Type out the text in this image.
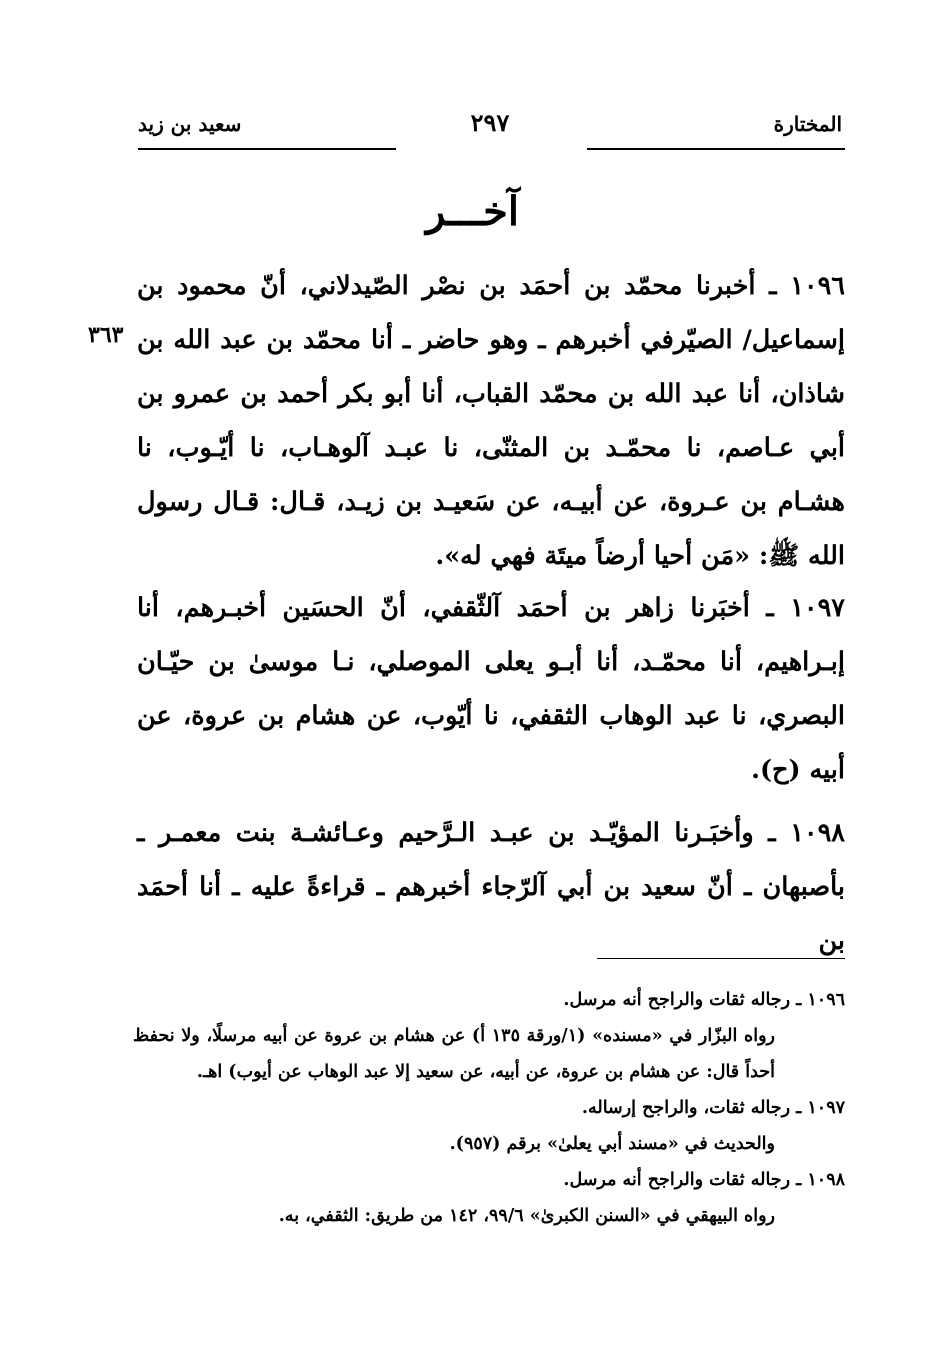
المختارة
٢٩٧
سعيد بن زيد
آخـــر
٣٦٣

١٠٩٦ ـ أخبرنا محمّد بن أحمَد بن نصْر الصّيدلاني، أنّ محمود بن إسماعيل/ الصيّرفي أخبرهم ـ وهو حاضر ـ أنا محمّد بن عبد الله بن شاذان، أنا عبد الله بن محمّد القباب، أنا أبو بكر أحمد بن عمرو بن أبي عـاصم، نا محمّـد بن المثنّى، نا عبـد آلوهـاب، نا أيّـوب، نا هشـام بن عـروة، عن أبيـه، عن سَعيـد بن زيـد، قـال: قـال رسول الله ﷺ: «مَن أحيا أرضاً ميتَة فهي له».

١٠٩٧ ـ أخبَرنا زاهر بن أحمَد آلثّقفي، أنّ الحسَين أخبـرهم، أنا إبـراهيم، أنا محمّـد، أنا أبـو يعلى الموصلي، نـا موسىٰ بن حيّـان البصري، نا عبد الوهاب الثقفي، نا أيّوب، عن هشام بن عروة، عن أبيه (ح).

١٠٩٨ ـ وأخبَـرنا المؤيّـد بن عبـد الـرَّحيم وعـائشـة بنت معمـر ـ بأصبهان ـ أنّ سعيد بن أبي آلرّجاء أخبرهم ـ قراءةً عليه ـ أنا أحمَد بن

١٠٩٦ ـ رجاله ثقات والراجح أنه مرسل.

رواه البزّار في «مسنده» (١/ورقة ١٣٥ أ) عن هشام بن عروة عن أبيه مرسلًا، ولا نحفظ أحداً قال: عن هشام بن عروة، عن أبيه، عن سعيد إلا عبد الوهاب عن أيوب) اهـ.

١٠٩٧ ـ رجاله ثقات، والراجح إرساله.

والحديث في «مسند أبي يعلىٰ» برقم (٩٥٧).

١٠٩٨ ـ رجاله ثقات والراجح أنه مرسل.

رواه البيهقي في «السنن الكبرىٰ» ٩٩/٦، ١٤٢ من طريق: الثقفي، به.
